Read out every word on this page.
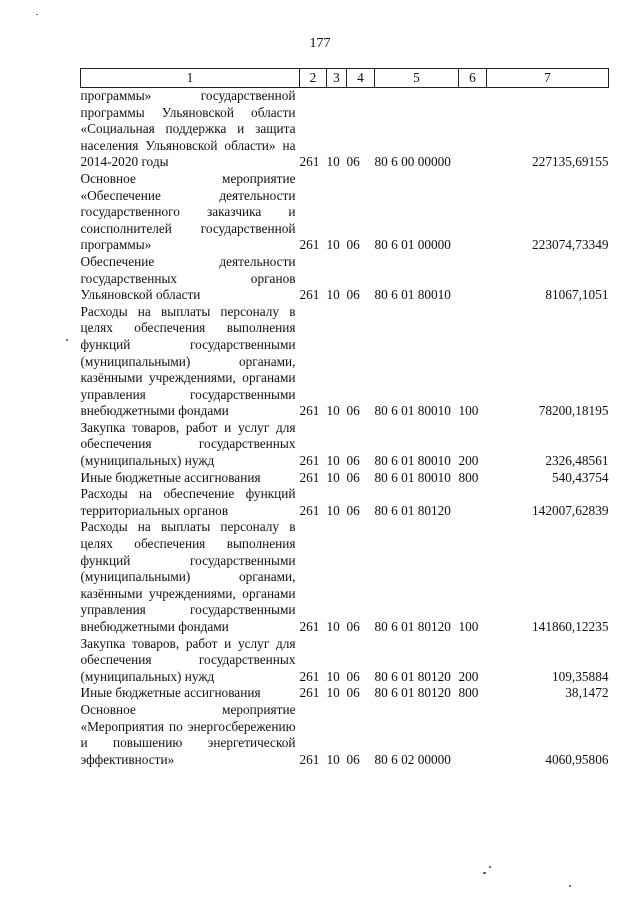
177
1	2	3	4	5	6	7
программы» государственной программы Ульяновской области «Социальная поддержка и защита населения Ульяновской области» на 2014-2020 годы	261	10	06	80 6 00 00000		227135,69155
Основное мероприятие «Обеспечение деятельности государственного заказчика и соисполнителей государственной программы»	261	10	06	80 6 01 00000		223074,73349
Обеспечение деятельности государственных органов Ульяновской области	261	10	06	80 6 01 80010		81067,1051
Расходы на выплаты персоналу в целях обеспечения выполнения функций государственными (муниципальными) органами, казёнными учреждениями, органами управления государственными внебюджетными фондами	261	10	06	80 6 01 80010	100	78200,18195
Закупка товаров, работ и услуг для обеспечения государственных (муниципальных) нужд	261	10	06	80 6 01 80010	200	2326,48561
Иные бюджетные ассигнования	261	10	06	80 6 01 80010	800	540,43754
Расходы на обеспечение функций территориальных органов	261	10	06	80 6 01 80120		142007,62839
Расходы на выплаты персоналу в целях обеспечения выполнения функций государственными (муниципальными) органами, казёнными учреждениями, органами управления государственными внебюджетными фондами	261	10	06	80 6 01 80120	100	141860,12235
Закупка товаров, работ и услуг для обеспечения государственных (муниципальных) нужд	261	10	06	80 6 01 80120	200	109,35884
Иные бюджетные ассигнования	261	10	06	80 6 01 80120	800	38,1472
Основное мероприятие «Мероприятия по энергосбережению и повышению энергетической эффективности»	261	10	06	80 6 02 00000		4060,95806
